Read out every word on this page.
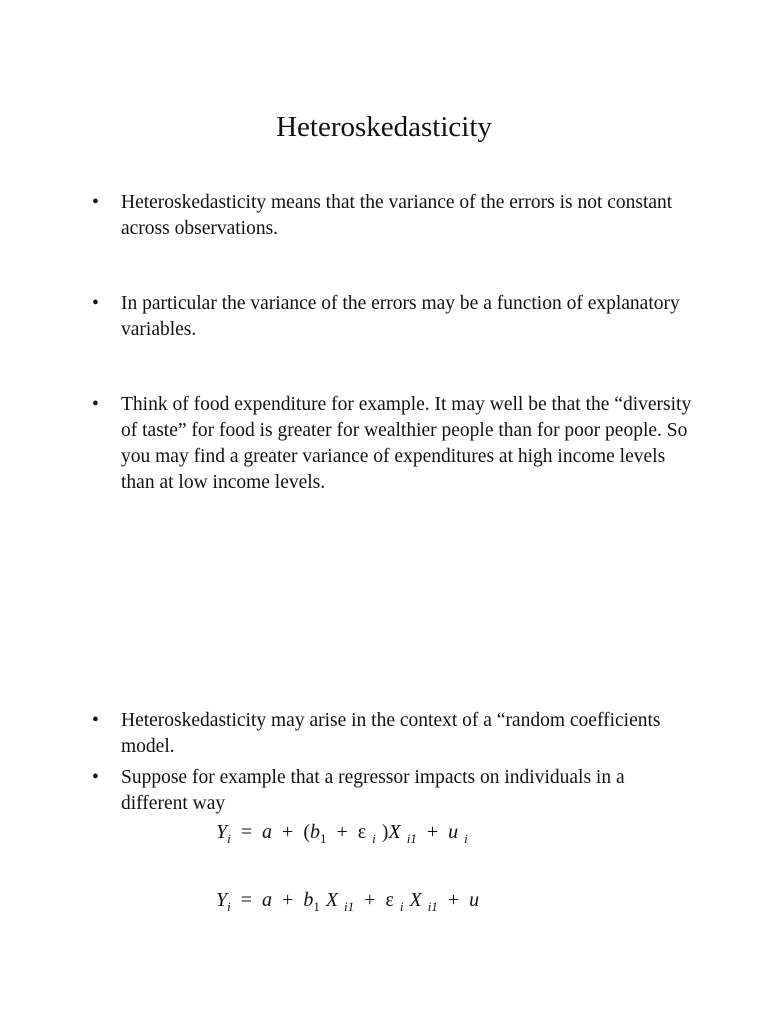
Heteroskedasticity
•	Heteroskedasticity means that the variance of the errors is not constant across observations.
•	In particular the variance of the errors may be a function of explanatory variables.
•	Think of food expenditure for example. It may well be that the “diversity of taste” for food is greater for wealthier people than for poor people. So you may find a greater variance of expenditures at high income levels than at low income levels.
•	Heteroskedasticity may arise in the context of a “random coefficients model.
•	Suppose for example that a regressor impacts on individuals in a different way
$Y_i = a + (b_1 + \varepsilon$ $_i$ )X $_{i1}$ + u $_i$
$Y_i = a + b_1$ X $_{i1}$ + ε $_i$ X $_{i1}$ + u
